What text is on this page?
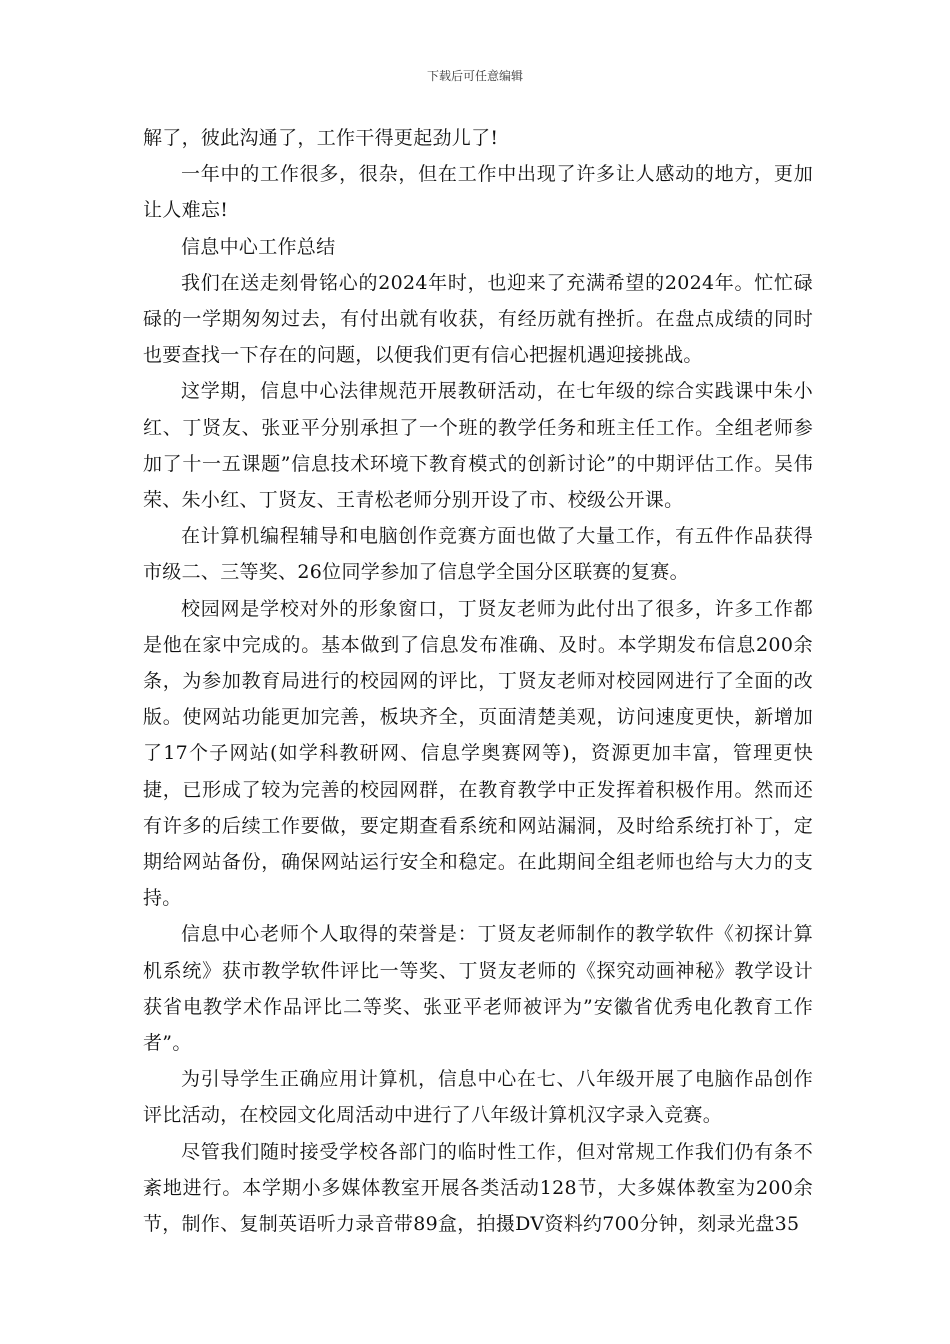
下载后可任意编辑

解了，彼此沟通了，工作干得更起劲儿了!

一年中的工作很多，很杂，但在工作中出现了许多让人感动的地方，更加让人难忘!

信息中心工作总结

我们在送走刻骨铭心的2024年时，也迎来了充满希望的2024年。忙忙碌碌的一学期匆匆过去，有付出就有收获，有经历就有挫折。在盘点成绩的同时也要查找一下存在的问题，以便我们更有信心把握机遇迎接挑战。

这学期，信息中心法律规范开展教研活动，在七年级的综合实践课中朱小红、丁贤友、张亚平分别承担了一个班的教学任务和班主任工作。全组老师参加了十一五课题”信息技术环境下教育模式的创新讨论”的中期评估工作。吴伟荣、朱小红、丁贤友、王青松老师分别开设了市、校级公开课。

在计算机编程辅导和电脑创作竞赛方面也做了大量工作，有五件作品获得市级二、三等奖、26位同学参加了信息学全国分区联赛的复赛。

校园网是学校对外的形象窗口，丁贤友老师为此付出了很多，许多工作都是他在家中完成的。基本做到了信息发布准确、及时。本学期发布信息200余条，为参加教育局进行的校园网的评比，丁贤友老师对校园网进行了全面的改版。使网站功能更加完善，板块齐全，页面清楚美观，访问速度更快，新增加了17个子网站(如学科教研网、信息学奥赛网等)，资源更加丰富，管理更快捷，已形成了较为完善的校园网群，在教育教学中正发挥着积极作用。然而还有许多的后续工作要做，要定期查看系统和网站漏洞，及时给系统打补丁，定期给网站备份，确保网站运行安全和稳定。在此期间全组老师也给与大力的支持。

信息中心老师个人取得的荣誉是：丁贤友老师制作的教学软件《初探计算机系统》获市教学软件评比一等奖、丁贤友老师的《探究动画神秘》教学设计获省电教学术作品评比二等奖、张亚平老师被评为”安徽省优秀电化教育工作者”。

为引导学生正确应用计算机，信息中心在七、八年级开展了电脑作品创作评比活动，在校园文化周活动中进行了八年级计算机汉字录入竞赛。

尽管我们随时接受学校各部门的临时性工作，但对常规工作我们仍有条不紊地进行。本学期小多媒体教室开展各类活动128节，大多媒体教室为200余节，制作、复制英语听力录音带89盒，拍摄DV资料约700分钟，刻录光盘35
